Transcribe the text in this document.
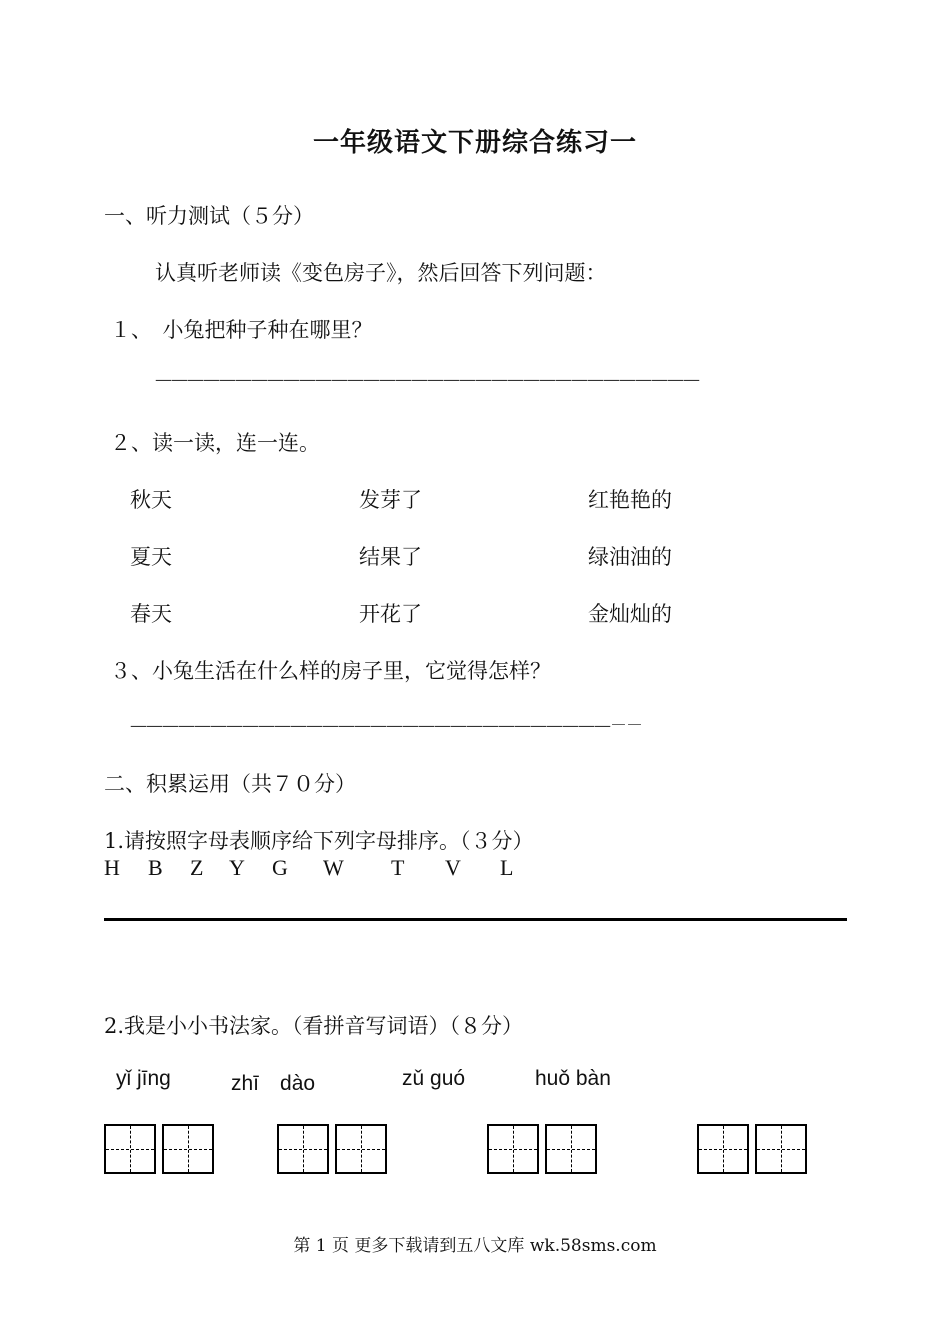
一年级语文下册综合练习一
一、听力测试（５分）
认真听老师读《变色房子》，然后回答下列问题：
１、　小兔把种子种在哪里？
——————————————————————————————————
２、读一读，连一连。
秋天	发芽了	红艳艳的
夏天	结果了	绿油油的
春天	开花了	金灿灿的
３、小兔生活在什么样的房子里，它觉得怎样？
——————————————————————————————－－
二、积累运用（共７０分）
1.请按照字母表顺序给下列字母排序。（３分）
H B Z Y G W T V L
2.我是小小书法家。（看拼音写词语）（８分）
yǐ jīnɡ	zhī　dào	zǔ ɡuó	huǒ bàn
第 1 页 更多下载请到五八文库 wk.58sms.com
